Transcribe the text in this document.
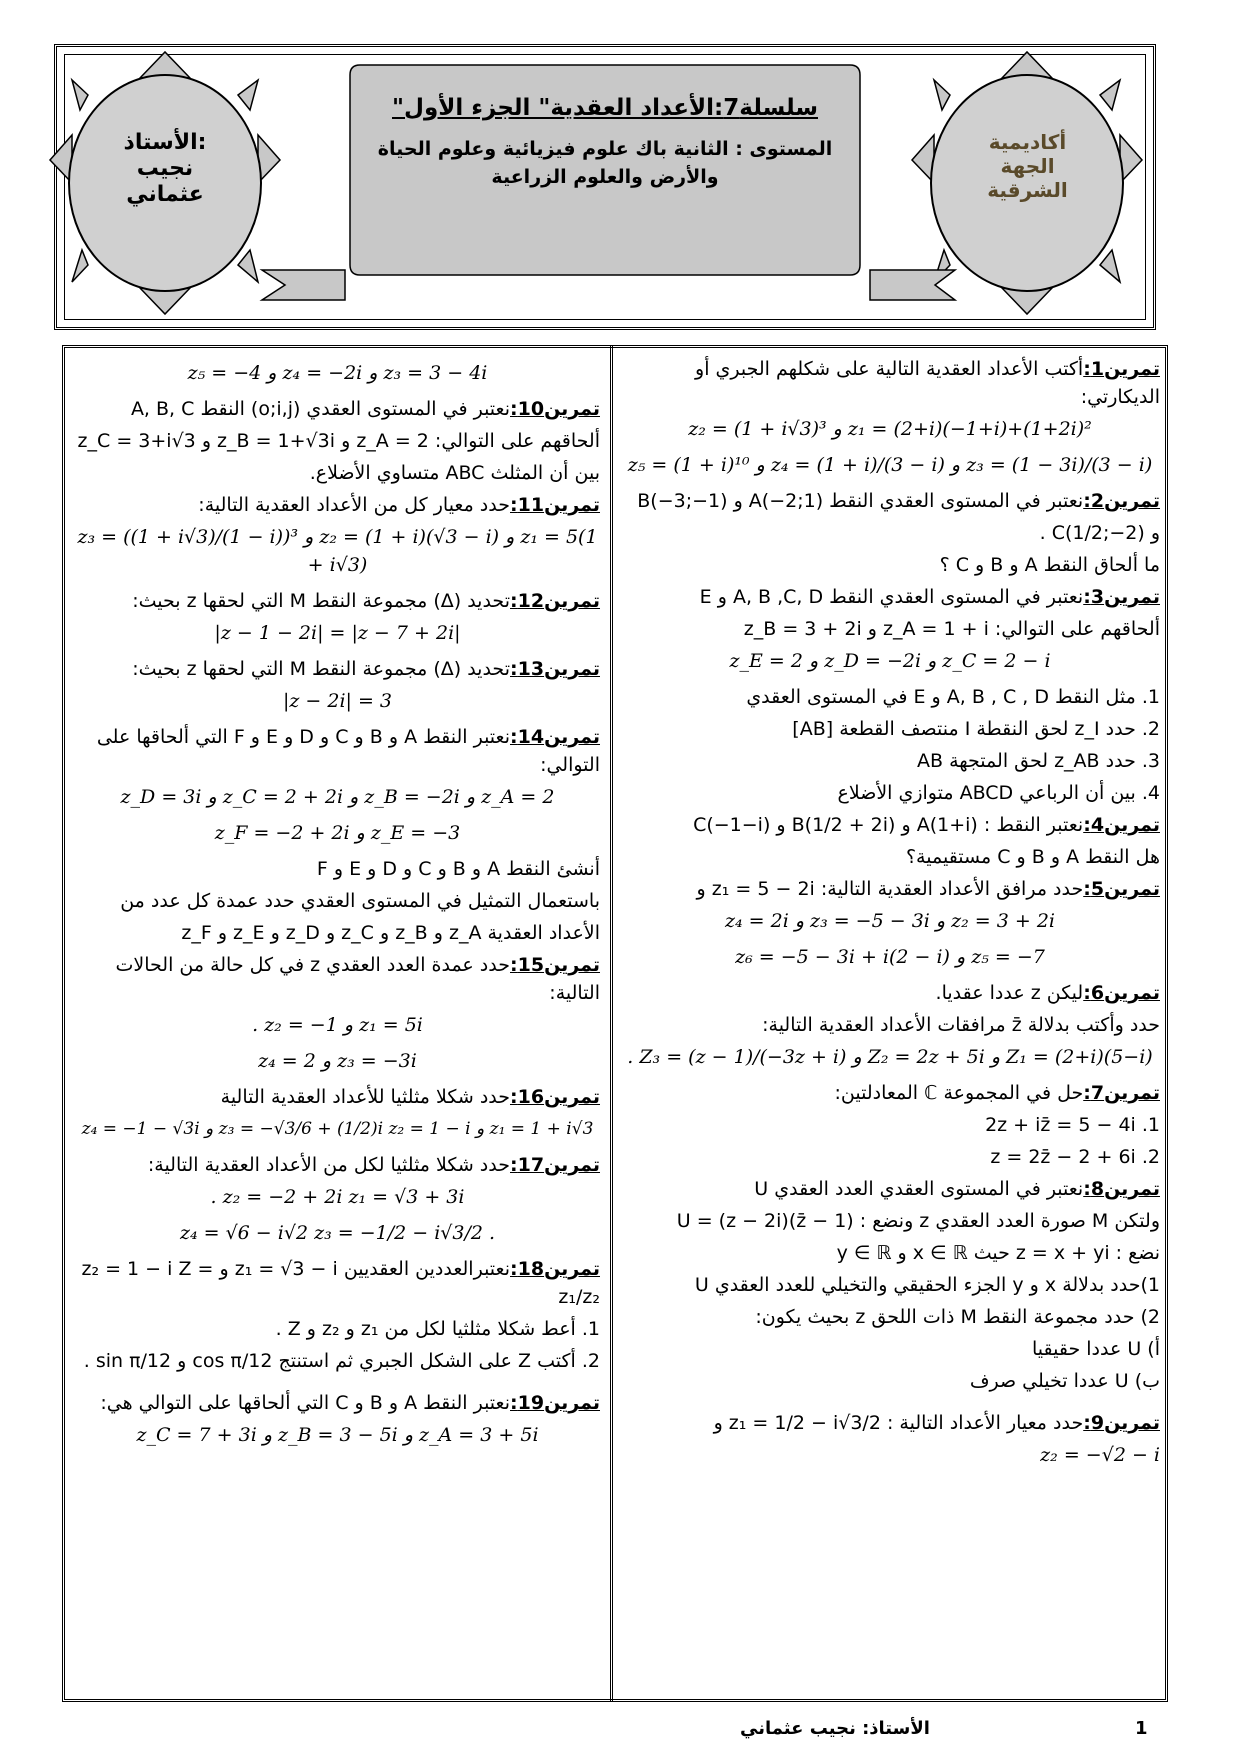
أكاديمية
الجهة
الشرقية
الأستاذ:
نجيب
عثماني
سلسلة7:الأعداد العقدية" الجزء الأول"
المستوى : الثانية باك علوم فيزيائية وعلوم الحياة
والأرض والعلوم الزراعية

تمرين1:أكتب الأعداد العقدية التالية على شكلهم الجبري أو الديكارتي:

z₂ = (1 + i√3)³ و z₁ = (2+i)(−1+i)+(1+2i)²
z₅ = (1 + i)¹⁰ و z₄ = (1 + i)/(3 − i) و z₃ = (1 − 3i)/(3 − i)

تمرين2:نعتبر في المستوى العقدي النقط A(−2;1) و B(−3;−1)

و C(1/2;−2) .

ما ألحاق النقط A و B و C ؟

تمرين3:نعتبر في المستوى العقدي النقط A, B ,C, D و E

ألحاقهم على التوالي: z_A = 1 + i و z_B = 3 + 2i

z_E = 2 و z_D = −2i و z_C = 2 − i

1. مثل النقط A, B , C , D و E في المستوى العقدي

2. حدد z_I لحق النقطة I منتصف القطعة [AB]

3. حدد z_AB لحق المتجهة AB

4. بين أن الرباعي ABCD متوازي الأضلاع

تمرين4:نعتبر النقط : A(1+i) و B(1/2 + 2i) و C(−1−i)

هل النقط A و B و C مستقيمية؟

تمرين5:حدد مرافق الأعداد العقدية التالية: z₁ = 5 − 2i و

z₄ = 2i و z₃ = −5 − 3i و z₂ = 3 + 2i
z₆ = −5 − 3i + i(2 − i) و z₅ = −7

تمرين6:ليكن z عددا عقديا.

حدد وأكتب بدلالة z̄ مرافقات الأعداد العقدية التالية:

. Z₃ = (z − 1)/(−3z + i) و Z₂ = 2z + 5i و Z₁ = (2+i)(5−i)

تمرين7:حل في المجموعة ℂ المعادلتين:

2z + iz̄ = 5 − 4i .1

z = 2z̄ − 2 + 6i .2

تمرين8:نعتبر في المستوى العقدي العدد العقدي U

ولتكن M صورة العدد العقدي z ونضع : U = (z − 2i)(z̄ − 1)

نضع : z = x + yi حيث x ∈ ℝ و y ∈ ℝ

1)حدد بدلالة x و y الجزء الحقيقي والتخيلي للعدد العقدي U

2) حدد مجموعة النقط M ذات اللحق z بحيث يكون:

أ) U عددا حقيقيا

ب) U عددا تخيلي صرف

تمرين9:حدد معيار الأعداد التالية : z₁ = 1/2 − i√3/2 و

z₂ = −√2 − i
z₅ = −4 و z₄ = −2i و z₃ = 3 − 4i

تمرين10:نعتبر في المستوى العقدي (o;i,j) النقط A, B, C

ألحاقهم على التوالي: z_A = 2 و z_B = 1+√3i و z_C = 3+i√3

بين أن المثلث ABC متساوي الأضلاع.

تمرين11:حدد معيار كل من الأعداد العقدية التالية:

z₃ = ((1 + i√3)/(1 − i))³ و z₂ = (1 + i)(√3 − i) و z₁ = 5(1 + i√3)

تمرين12:تحديد (Δ) مجموعة النقط M التي لحقها z بحيث:

|z − 1 − 2i| = |z − 7 + 2i|

تمرين13:تحديد (Δ) مجموعة النقط M التي لحقها z بحيث:

|z − 2i| = 3

تمرين14:نعتبر النقط A و B و C و D و E و F التي ألحاقها على التوالي:

z_D = 3i و z_C = 2 + 2i و z_B = −2i و z_A = 2
z_F = −2 + 2i و z_E = −3

أنشئ النقط A و B و C و D و E و F

باستعمال التمثيل في المستوى العقدي حدد عمدة كل عدد من

الأعداد العقدية z_A و z_B و z_C و z_D و z_E و z_F

تمرين15:حدد عمدة العدد العقدي z في كل حالة من الحالات التالية:

. z₂ = −1 و z₁ = 5i
z₄ = 2 و z₃ = −3i

تمرين16:حدد شكلا مثلثيا للأعداد العقدية التالية

z₄ = −1 − √3i و z₃ = −√3/6 + (1/2)i z₂ = 1 − i و z₁ = 1 + i√3

تمرين17:حدد شكلا مثلثيا لكل من الأعداد العقدية التالية:

. z₂ = −2 + 2i z₁ = √3 + 3i
z₄ = √6 − i√2 z₃ = −1/2 − i√3/2 .

تمرين18:نعتبرالعددين العقديين z₁ = √3 − i و z₂ = 1 − i Z = z₁/z₂

1. أعط شكلا مثلثيا لكل من z₁ و z₂ و Z .

2. أكتب Z على الشكل الجبري ثم استنتج cos π/12 و sin π/12 .

تمرين19:نعتبر النقط A و B و C التي ألحاقها على التوالي هي:

z_C = 7 + 3i و z_B = 3 − 5i و z_A = 3 + 5i
1
الأستاذ: نجيب عثماني
